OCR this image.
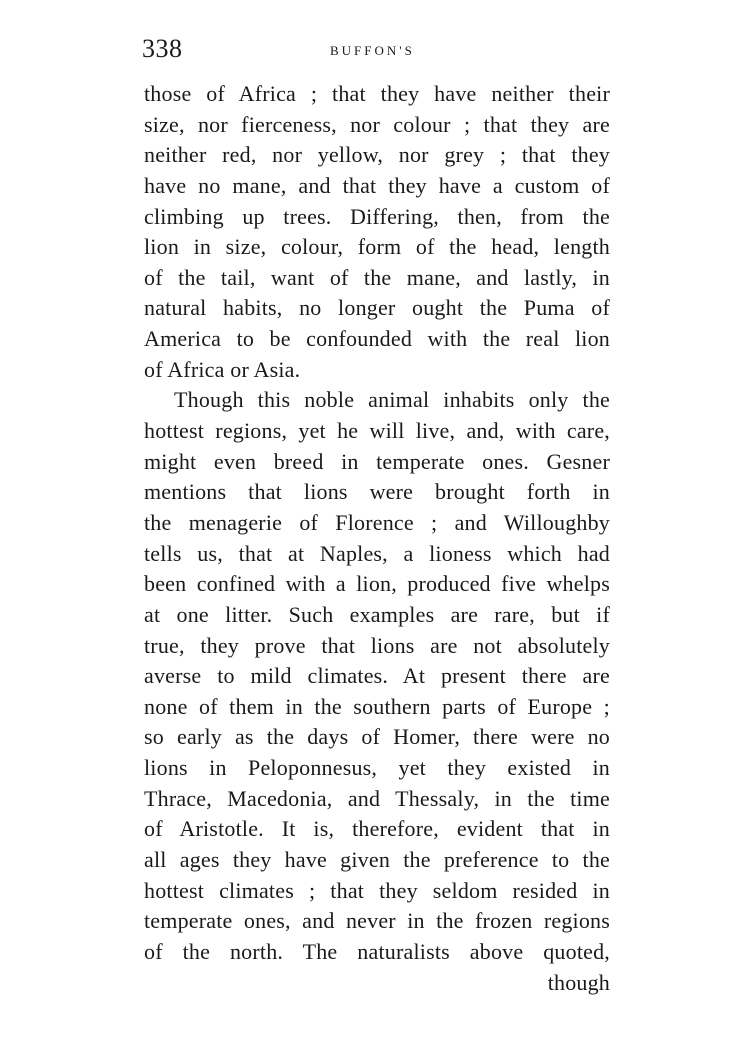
338	BUFFON'S
those of Africa ; that they have neither their
size, nor fierceness, nor colour ; that they are
neither red, nor yellow, nor grey ; that they
have no mane, and that they have a custom of
climbing up trees. Differing, then, from the
lion in size, colour, form of the head, length
of the tail, want of the mane, and lastly, in
natural habits, no longer ought the Puma of
America to be confounded with the real lion
of Africa or Asia.
Though this noble animal inhabits only the
hottest regions, yet he will live, and, with care,
might even breed in temperate ones. Gesner
mentions that lions were brought forth in
the menagerie of Florence ; and Willoughby
tells us, that at Naples, a lioness which had
been confined with a lion, produced five whelps
at one litter. Such examples are rare, but if
true, they prove that lions are not absolutely
averse to mild climates. At present there are
none of them in the southern parts of Europe ;
so early as the days of Homer, there were no
lions in Peloponnesus, yet they existed in
Thrace, Macedonia, and Thessaly, in the time
of Aristotle. It is, therefore, evident that in
all ages they have given the preference to the
hottest climates ; that they seldom resided in
temperate ones, and never in the frozen regions
of the north. The naturalists above quoted,
though
